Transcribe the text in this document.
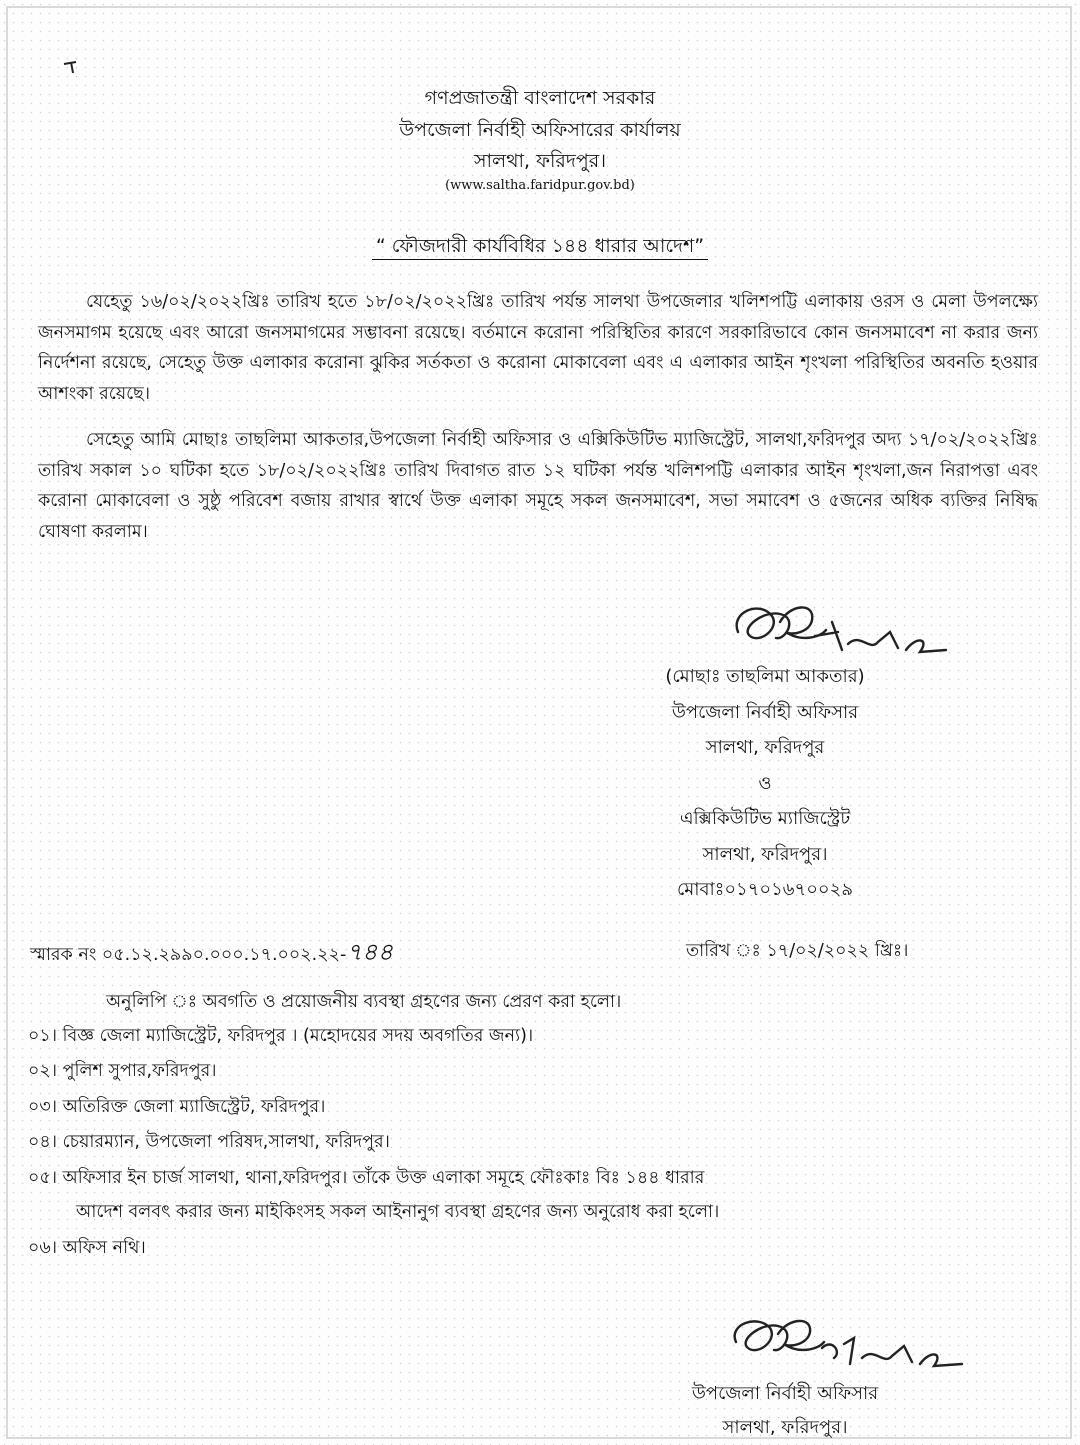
গণপ্রজাতন্ত্রী বাংলাদেশ সরকার
উপজেলা নির্বাহী অফিসারের কার্যালয়
সালথা, ফরিদপুর।
(www.saltha.faridpur.gov.bd)
“ ফৌজদারী কার্যবিধির ১৪৪ ধারার আদেশ”
যেহেতু ১৬/০২/২০২২খ্রিঃ তারিখ হতে ১৮/০২/২০২২খ্রিঃ তারিখ পর্যন্ত সালথা উপজেলার খলিশপট্টি এলাকায় ওরস ও মেলা উপলক্ষ্যে জনসমাগম হয়েছে এবং আরো জনসমাগমের সম্ভাবনা রয়েছে। বর্তমানে করোনা পরিস্থিতির কারণে সরকারিভাবে কোন জনসমাবেশ না করার জন্য নির্দেশনা রয়েছে, সেহেতু উক্ত এলাকার করোনা ঝুকির সর্তকতা ও করোনা মোকাবেলা এবং এ এলাকার আইন শৃংখলা পরিস্থিতির অবনতি হওয়ার আশংকা রয়েছে।
সেহেতু আমি মোছাঃ তাছলিমা আকতার,উপজেলা নির্বাহী অফিসার ও এক্সিকিউটিভ ম্যাজিস্ট্রেট, সালথা,ফরিদপুর অদ্য ১৭/০২/২০২২খ্রিঃ তারিখ সকাল ১০ ঘটিকা হতে ১৮/০২/২০২২খ্রিঃ তারিখ দিবাগত রাত ১২ ঘটিকা পর্যন্ত খলিশপট্টি এলাকার আইন শৃংখলা,জন নিরাপত্তা এবং করোনা মোকাবেলা ও সুষ্ঠু পরিবেশ বজায় রাখার স্বার্থে উক্ত এলাকা সমূহে সকল জনসমাবেশ, সভা সমাবেশ ও ৫জনের অধিক ব্যক্তির নিষিদ্ধ ঘোষণা করলাম।
(মোছাঃ তাছলিমা আকতার)
উপজেলা নির্বাহী অফিসার
সালথা, ফরিদপুর
ও
এক্সিকিউটিভ ম্যাজিস্ট্রেট
সালথা, ফরিদপুর।
মোবাঃ০১৭০১৬৭০০২৯
স্মারক নং ০৫.১২.২৯৯০.০০০.১৭.০০২.২২-৭৪৪	তারিখ ঃ ১৭/০২/২০২২ খ্রিঃ।
অনুলিপি ঃ অবগতি ও প্রয়োজনীয় ব্যবস্থা গ্রহণের জন্য প্রেরণ করা হলো।
০১। বিজ্ঞ জেলা ম্যাজিস্ট্রেট, ফরিদপুর । (মহোদয়ের সদয় অবগতির জন্য)।
০২। পুলিশ সুপার,ফরিদপুর।
০৩। অতিরিক্ত জেলা ম্যাজিস্ট্রেট, ফরিদপুর।
০৪। চেয়ারম্যান, উপজেলা পরিষদ,সালথা, ফরিদপুর।
০৫। অফিসার ইন চার্জ সালথা, থানা,ফরিদপুর। তাঁকে উক্ত এলাকা সমূহে ফৌঃকাঃ বিঃ ১৪৪ ধারার
আদেশ বলবৎ করার জন্য মাইকিংসহ সকল আইনানুগ ব্যবস্থা গ্রহণের জন্য অনুরোধ করা হলো।
০৬। অফিস নথি।
উপজেলা নির্বাহী অফিসার
সালথা, ফরিদপুর।
